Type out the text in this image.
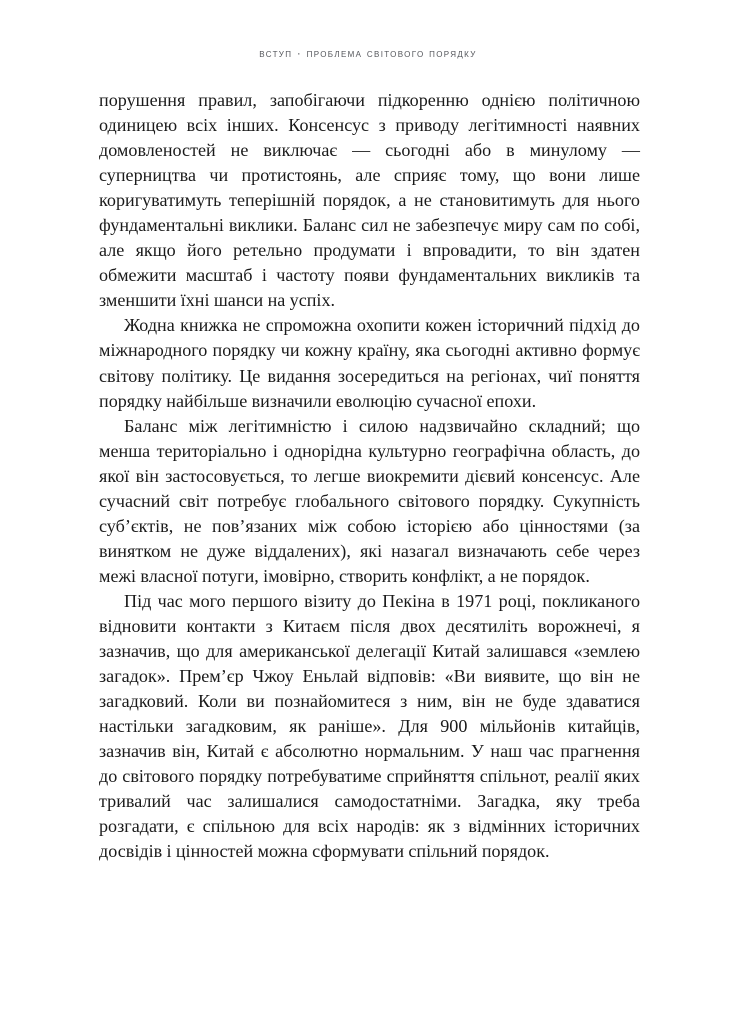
вступ · проблема світового порядку

порушення правил, запобігаючи підкоренню однією політичною одиницею всіх інших. Консенсус з приводу легітимності наявних домовленостей не виключає — сьогодні або в минулому — суперництва чи протистоянь, але сприяє тому, що вони лише коригуватимуть теперішній порядок, а не становитимуть для нього фундаментальні виклики. Баланс сил не забезпечує миру сам по собі, але якщо його ретельно продумати і впровадити, то він здатен обмежити масштаб і частоту появи фундаментальних викликів та зменшити їхні шанси на успіх.

Жодна книжка не спроможна охопити кожен історичний підхід до міжнародного порядку чи кожну країну, яка сьогодні активно формує світову політику. Це видання зосередиться на регіонах, чиї поняття порядку найбільше визначили еволюцію сучасної епохи.

Баланс між легітимністю і силою надзвичайно складний; що менша територіально і однорідна культурно географічна область, до якої він застосовується, то легше виокремити дієвий консенсус. Але сучасний світ потребує глобального світового порядку. Сукупність суб’єктів, не пов’язаних між собою історією або цінностями (за винятком не дуже віддалених), які назагал визначають себе через межі власної потуги, імовірно, створить конфлікт, а не порядок.

Під час мого першого візиту до Пекіна в 1971 році, покликаного відновити контакти з Китаєм після двох десятиліть ворожнечі, я зазначив, що для американської делегації Китай залишався «землею загадок». Прем’єр Чжоу Еньлай відповів: «Ви виявите, що він не загадковий. Коли ви познайомитеся з ним, він не буде здаватися настільки загадковим, як раніше». Для 900 мільйонів китайців, зазначив він, Китай є абсолютно нормальним. У наш час прагнення до світового порядку потребуватиме сприйняття спільнот, реалії яких тривалий час залишалися самодостатніми. Загадка, яку треба розгадати, є спільною для всіх народів: як з відмінних історичних досвідів і цінностей можна сформувати спільний порядок.
